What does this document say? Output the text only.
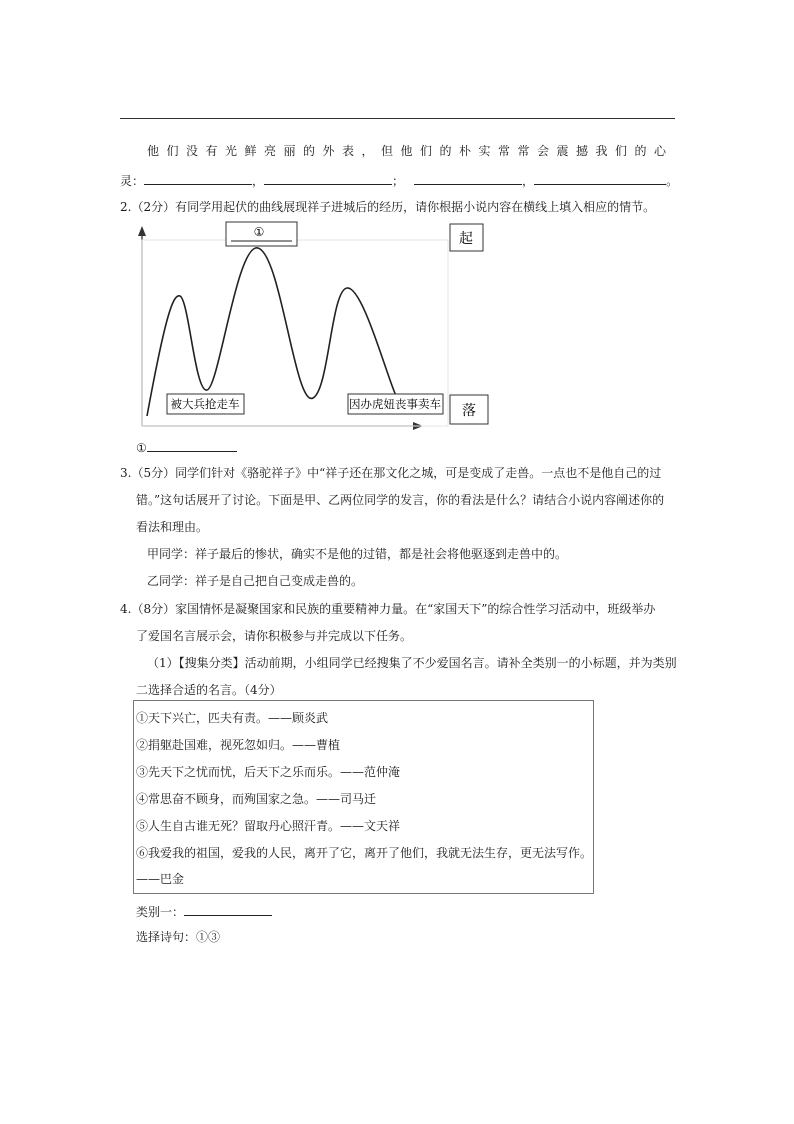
他们没有光鲜亮丽的外表，但他们的朴实常常会震撼我们的心
灵：	，	；	，	。
2.（2分）有同学用起伏的曲线展现祥子进城后的经历，请你根据小说内容在横线上填入相应的情节。
①
被大兵抢走车	因办虎妞丧事卖车
起
落
①
3.（5分）同学们针对《骆驼祥子》中“祥子还在那文化之城，可是变成了走兽。一点也不是他自己的过
错。”这句话展开了讨论。下面是甲、乙两位同学的发言，你的看法是什么？请结合小说内容阐述你的
看法和理由。
甲同学：祥子最后的惨状，确实不是他的过错，都是社会将他驱逐到走兽中的。
乙同学：祥子是自己把自己变成走兽的。
4.（8分）家国情怀是凝聚国家和民族的重要精神力量。在“家国天下”的综合性学习活动中，班级举办
了爱国名言展示会，请你积极参与并完成以下任务。
（1）【搜集分类】活动前期，小组同学已经搜集了不少爱国名言。请补全类别一的小标题，并为类别
二选择合适的名言。（4分）
①天下兴亡，匹夫有责。——顾炎武
②捐躯赴国难，视死忽如归。——曹植
③先天下之忧而忧，后天下之乐而乐。——范仲淹
④常思奋不顾身，而殉国家之急。——司马迁
⑤人生自古谁无死？留取丹心照汗青。——文天祥
⑥我爱我的祖国，爱我的人民，离开了它，离开了他们，我就无法生存，更无法写作。
——巴金
类别一：
选择诗句：①③
